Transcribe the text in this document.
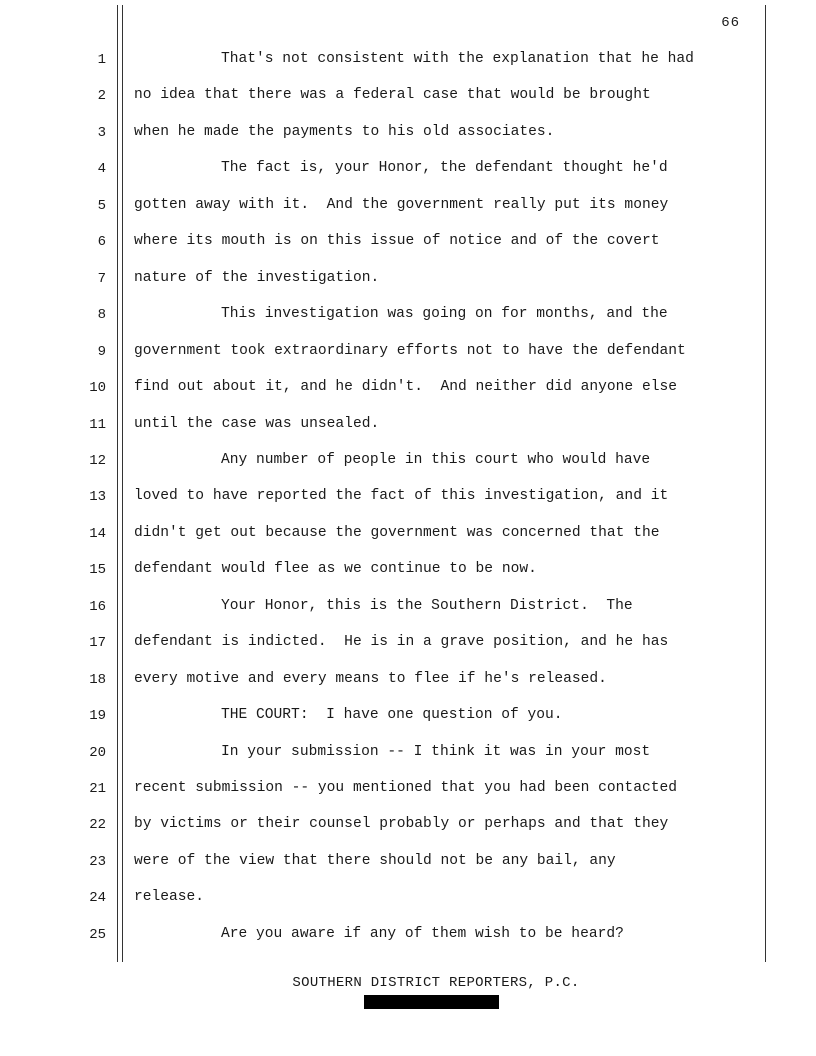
66
1	That's not consistent with the explanation that he had
2 no idea that there was a federal case that would be brought
3 when he made the payments to his old associates.
4	The fact is, your Honor, the defendant thought he'd
5 gotten away with it.  And the government really put its money
6 where its mouth is on this issue of notice and of the covert
7 nature of the investigation.
8	This investigation was going on for months, and the
9 government took extraordinary efforts not to have the defendant
10 find out about it, and he didn't.  And neither did anyone else
11 until the case was unsealed.
12	Any number of people in this court who would have
13 loved to have reported the fact of this investigation, and it
14 didn't get out because the government was concerned that the
15 defendant would flee as we continue to be now.
16	Your Honor, this is the Southern District.  The
17 defendant is indicted.  He is in a grave position, and he has
18 every motive and every means to flee if he's released.
19	THE COURT:  I have one question of you.
20	In your submission -- I think it was in your most
21 recent submission -- you mentioned that you had been contacted
22 by victims or their counsel probably or perhaps and that they
23 were of the view that there should not be any bail, any
24 release.
25	Are you aware if any of them wish to be heard?
SOUTHERN DISTRICT REPORTERS, P.C.
